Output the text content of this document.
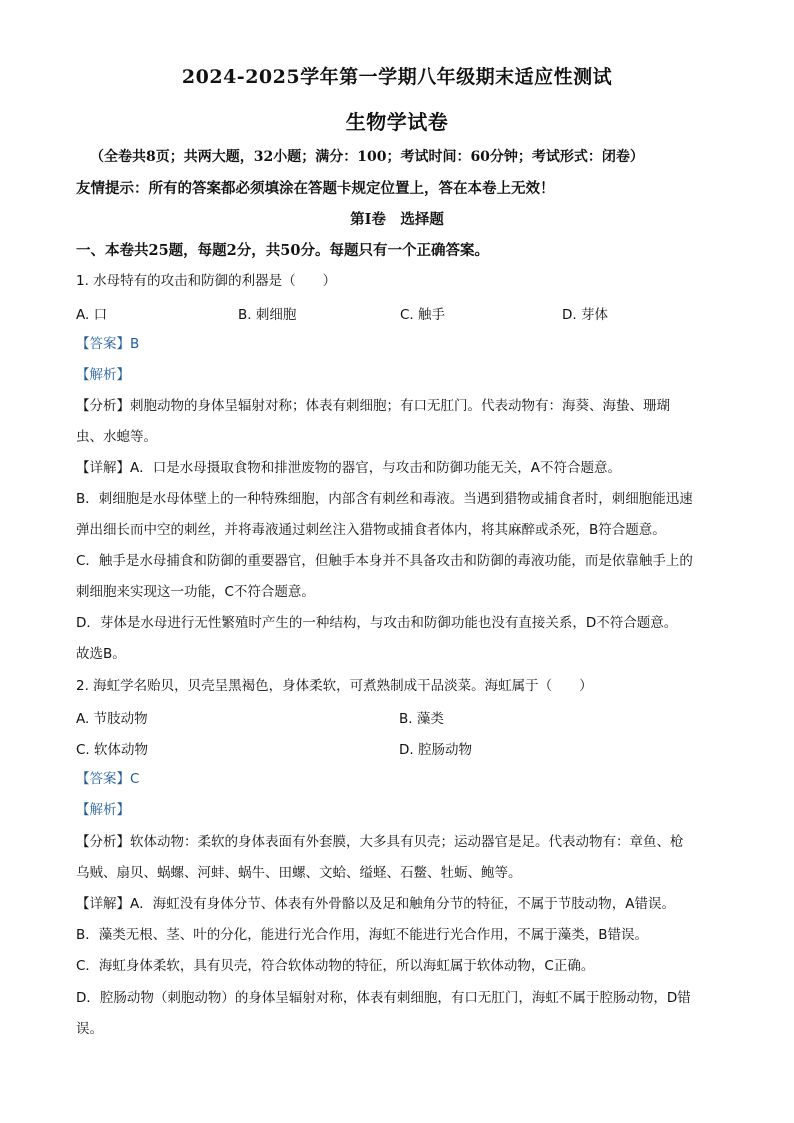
2024-2025学年第一学期八年级期末适应性测试
生物学试卷
（全卷共8页；共两大题，32小题；满分：100；考试时间：60分钟；考试形式：闭卷）
友情提示：所有的答案都必须填涂在答题卡规定位置上，答在本卷上无效！
第Ⅰ卷　选择题
一、本卷共25题，每题2分，共50分。每题只有一个正确答案。
1. 水母特有的攻击和防御的利器是（　　）
A. 口	B. 刺细胞	C. 触手	D. 芽体
【答案】B
【解析】
【分析】刺胞动物的身体呈辐射对称；体表有刺细胞；有口无肛门。代表动物有：海葵、海蛰、珊瑚
虫、水螅等。
【详解】A．口是水母摄取食物和排泄废物的器官，与攻击和防御功能无关，A不符合题意。
B．刺细胞是水母体壁上的一种特殊细胞，内部含有刺丝和毒液。当遇到猎物或捕食者时，刺细胞能迅速
弹出细长而中空的刺丝，并将毒液通过刺丝注入猎物或捕食者体内，将其麻醉或杀死，B符合题意。
C．触手是水母捕食和防御的重要器官，但触手本身并不具备攻击和防御的毒液功能，而是依靠触手上的
刺细胞来实现这一功能，C不符合题意。
D．芽体是水母进行无性繁殖时产生的一种结构，与攻击和防御功能也没有直接关系，D不符合题意。
故选B。
2. 海虹学名贻贝，贝壳呈黑褐色，身体柔软，可煮熟制成干品淡菜。海虹属于（　　）
A. 节肢动物	B. 藻类
C. 软体动物	D. 腔肠动物
【答案】C
【解析】
【分析】软体动物：柔软的身体表面有外套膜，大多具有贝壳；运动器官是足。代表动物有：章鱼、枪
乌贼、扇贝、蜗螺、河蚌、蜗牛、田螺、文蛤、缢蛏、石鳖、牡蛎、鲍等。
【详解】A．海虹没有身体分节、体表有外骨骼以及足和触角分节的特征，不属于节肢动物，A错误。
B．藻类无根、茎、叶的分化，能进行光合作用，海虹不能进行光合作用，不属于藻类，B错误。
C．海虹身体柔软，具有贝壳，符合软体动物的特征，所以海虹属于软体动物，C正确。
D．腔肠动物（刺胞动物）的身体呈辐射对称，体表有刺细胞，有口无肛门，海虹不属于腔肠动物，D错
误。
